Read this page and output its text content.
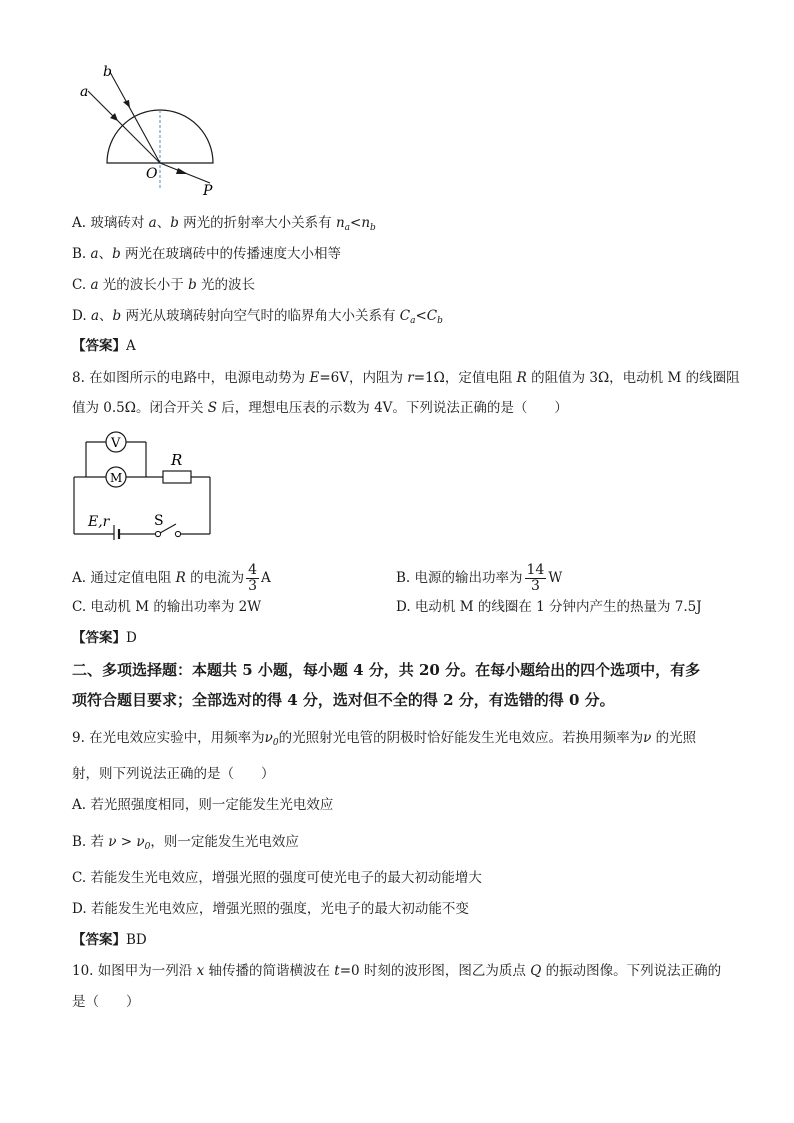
a
b
O
P
A. 玻璃砖对 a、b 两光的折射率大小关系有 $n_a<n_b$
B. a、b 两光在玻璃砖中的传播速度大小相等
C. a 光的波长小于 b 光的波长
D. a、b 两光从玻璃砖射向空气时的临界角大小关系有 $C_a<C_b$
【答案】A
8. 在如图所示的电路中，电源电动势为 E=6V，内阻为 r=1Ω，定值电阻 R 的阻值为 3Ω，电动机 M 的线圈阻
值为 0.5Ω。闭合开关 S 后，理想电压表的示数为 4V。下列说法正确的是（　　）
V
M
R
E,r	S
A. 通过定值电阻 R 的电流为 $\frac{4}{3}$ A	B. 电源的输出功率为 $\frac{14}{3}$ W
C. 电动机 M 的输出功率为 2W	D. 电动机 M 的线圈在 1 分钟内产生的热量为 7.5J
【答案】D
二、多项选择题：本题共 5 小题，每小题 4 分，共 20 分。在每小题给出的四个选项中，有多
项符合题目要求；全部选对的得 4 分，选对但不全的得 2 分，有选错的得 0 分。
9. 在光电效应实验中，用频率为$\nu_0$的光照射光电管的阴极时恰好能发生光电效应。若换用频率为ν 的光照
射，则下列说法正确的是（　　）
A. 若光照强度相同，则一定能发生光电效应
B. 若 $\nu > \nu_0$，则一定能发生光电效应
C. 若能发生光电效应，增强光照的强度可使光电子的最大初动能增大
D. 若能发生光电效应，增强光照的强度，光电子的最大初动能不变
【答案】BD
10. 如图甲为一列沿 x 轴传播的简谐横波在 t=0 时刻的波形图，图乙为质点 Q 的振动图像。下列说法正确的
是（　　）
